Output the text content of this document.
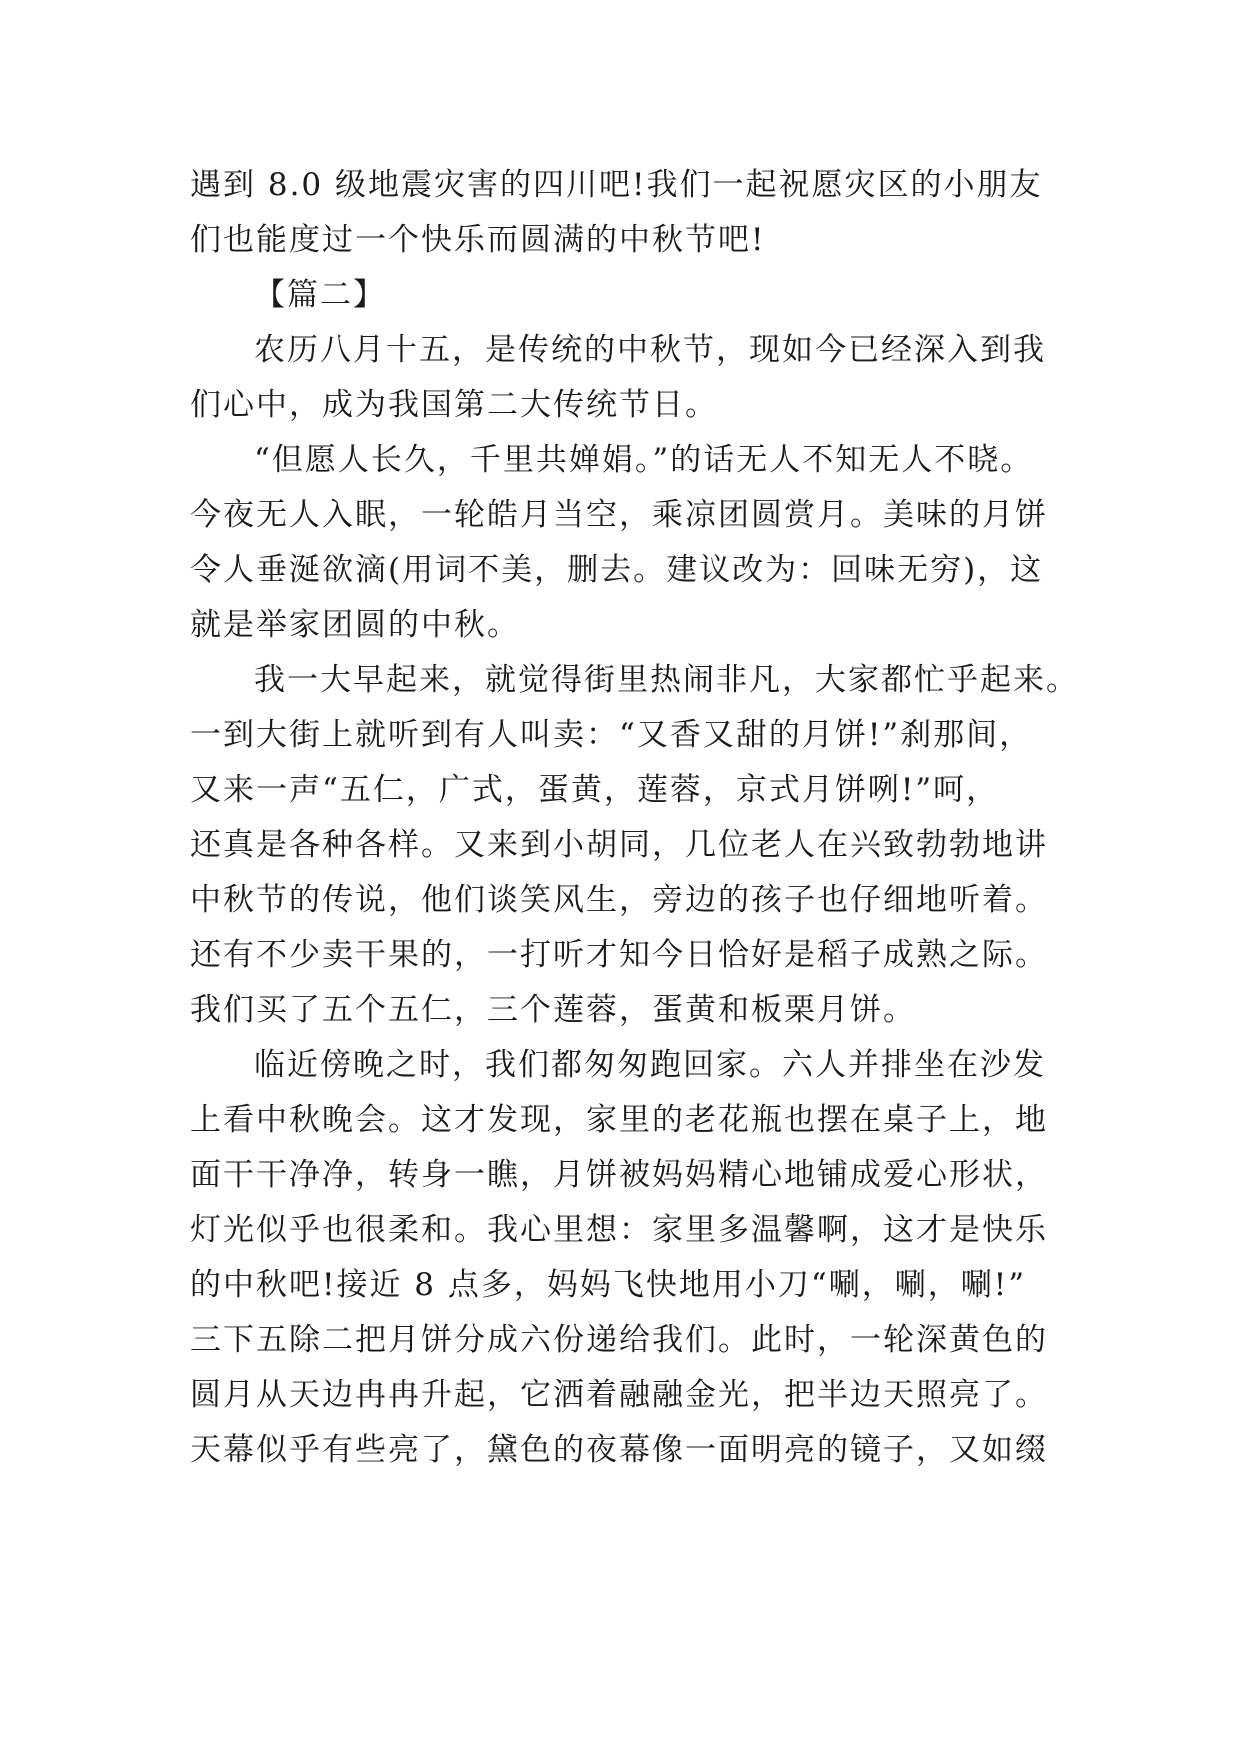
遇到 8.0 级地震灾害的四川吧!我们一起祝愿灾区的小朋友
们也能度过一个快乐而圆满的中秋节吧!
【篇二】
农历八月十五，是传统的中秋节，现如今已经深入到我
们心中，成为我国第二大传统节日。
“但愿人长久，千里共婵娟。”的话无人不知无人不晓。
今夜无人入眠，一轮皓月当空，乘凉团圆赏月。美味的月饼
令人垂涎欲滴(用词不美，删去。建议改为：回味无穷)，这
就是举家团圆的中秋。
我一大早起来，就觉得街里热闹非凡，大家都忙乎起来。
一到大街上就听到有人叫卖：“又香又甜的月饼!”刹那间，
又来一声“五仁，广式，蛋黄，莲蓉，京式月饼咧!”呵，
还真是各种各样。又来到小胡同，几位老人在兴致勃勃地讲
中秋节的传说，他们谈笑风生，旁边的孩子也仔细地听着。
还有不少卖干果的，一打听才知今日恰好是稻子成熟之际。
我们买了五个五仁，三个莲蓉，蛋黄和板栗月饼。
临近傍晚之时，我们都匆匆跑回家。六人并排坐在沙发
上看中秋晚会。这才发现，家里的老花瓶也摆在桌子上，地
面干干净净，转身一瞧，月饼被妈妈精心地铺成爱心形状，
灯光似乎也很柔和。我心里想：家里多温馨啊，这才是快乐
的中秋吧!接近 8 点多，妈妈飞快地用小刀“唰，唰，唰!”
三下五除二把月饼分成六份递给我们。此时，一轮深黄色的
圆月从天边冉冉升起，它洒着融融金光，把半边天照亮了。
天幕似乎有些亮了，黛色的夜幕像一面明亮的镜子，又如缀
